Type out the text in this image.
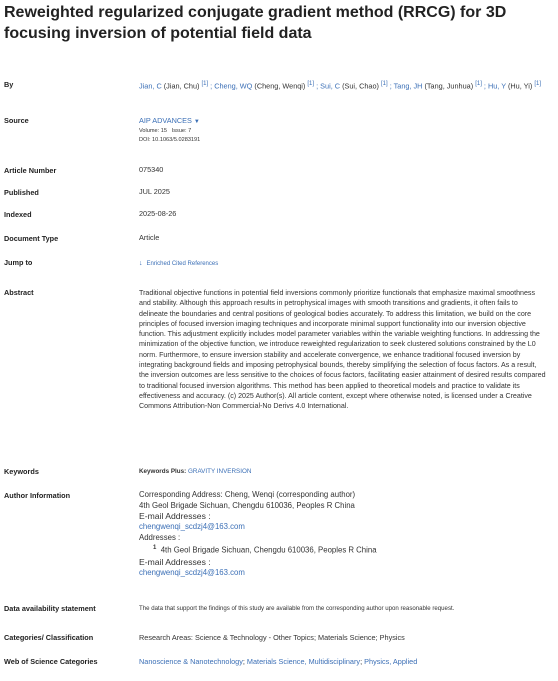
Reweighted regularized conjugate gradient method (RRCG) for 3D focusing inversion of potential field data
By	Jian, C (Jian, Chu) [1] ; Cheng, WQ (Cheng, Wenqi) [1] ; Sui, C (Sui, Chao) [1] ; Tang, JH (Tang, Junhua) [1] ; Hu, Y (Hu, Yi) [1]
Source	AIP ADVANCES ▼
Volume: 15 Issue: 7
DOI: 10.1063/5.0283191
Article Number	075340
Published	JUL 2025
Indexed	2025-08-26
Document Type	Article
Jump to	↓ Enriched Cited References
Abstract	Traditional objective functions in potential field inversions commonly prioritize functionals that emphasize maximal smoothness and stability. Although this approach results in petrophysical images with smooth transitions and gradients, it often fails to delineate the boundaries and central positions of geological bodies accurately. To address this limitation, we build on the core principles of focused inversion imaging techniques and incorporate minimal support functionality into our inversion objective function. This adjustment explicitly includes model parameter variables within the variable weighting functions. In addressing the minimization of the objective function, we introduce reweighted regularization to seek clustered solutions constrained by the L0 norm. Furthermore, to ensure inversion stability and accelerate convergence, we enhance traditional focused inversion by integrating background fields and imposing petrophysical bounds, thereby simplifying the selection of focus factors. As a result, the inversion outcomes are less sensitive to the choices of focus factors, facilitating easier attainment of desired results compared to traditional focused inversion algorithms. This method has been applied to theoretical models and practice to validate its effectiveness and accuracy. (c) 2025 Author(s). All article content, except where otherwise noted, is licensed under a Creative Commons Attribution-Non Commercial-No Derivs 4.0 International.
Keywords	Keywords Plus: GRAVITY INVERSION
Author Information	Corresponding Address: Cheng, Wenqi (corresponding author)
4th Geol Brigade Sichuan, Chengdu 610036, Peoples R China
E-mail Addresses :
chengwenqi_scdzj4@163.com
Addresses :
$^1$ 4th Geol Brigade Sichuan, Chengdu 610036, Peoples R China
E-mail Addresses :
chengwenqi_scdzj4@163.com
Data availability statement	The data that support the findings of this study are available from the corresponding author upon reasonable request.
Categories/ Classification	Research Areas: Science & Technology - Other Topics; Materials Science; Physics
Web of Science Categories	Nanoscience & Nanotechnology; Materials Science, Multidisciplinary; Physics, Applied
